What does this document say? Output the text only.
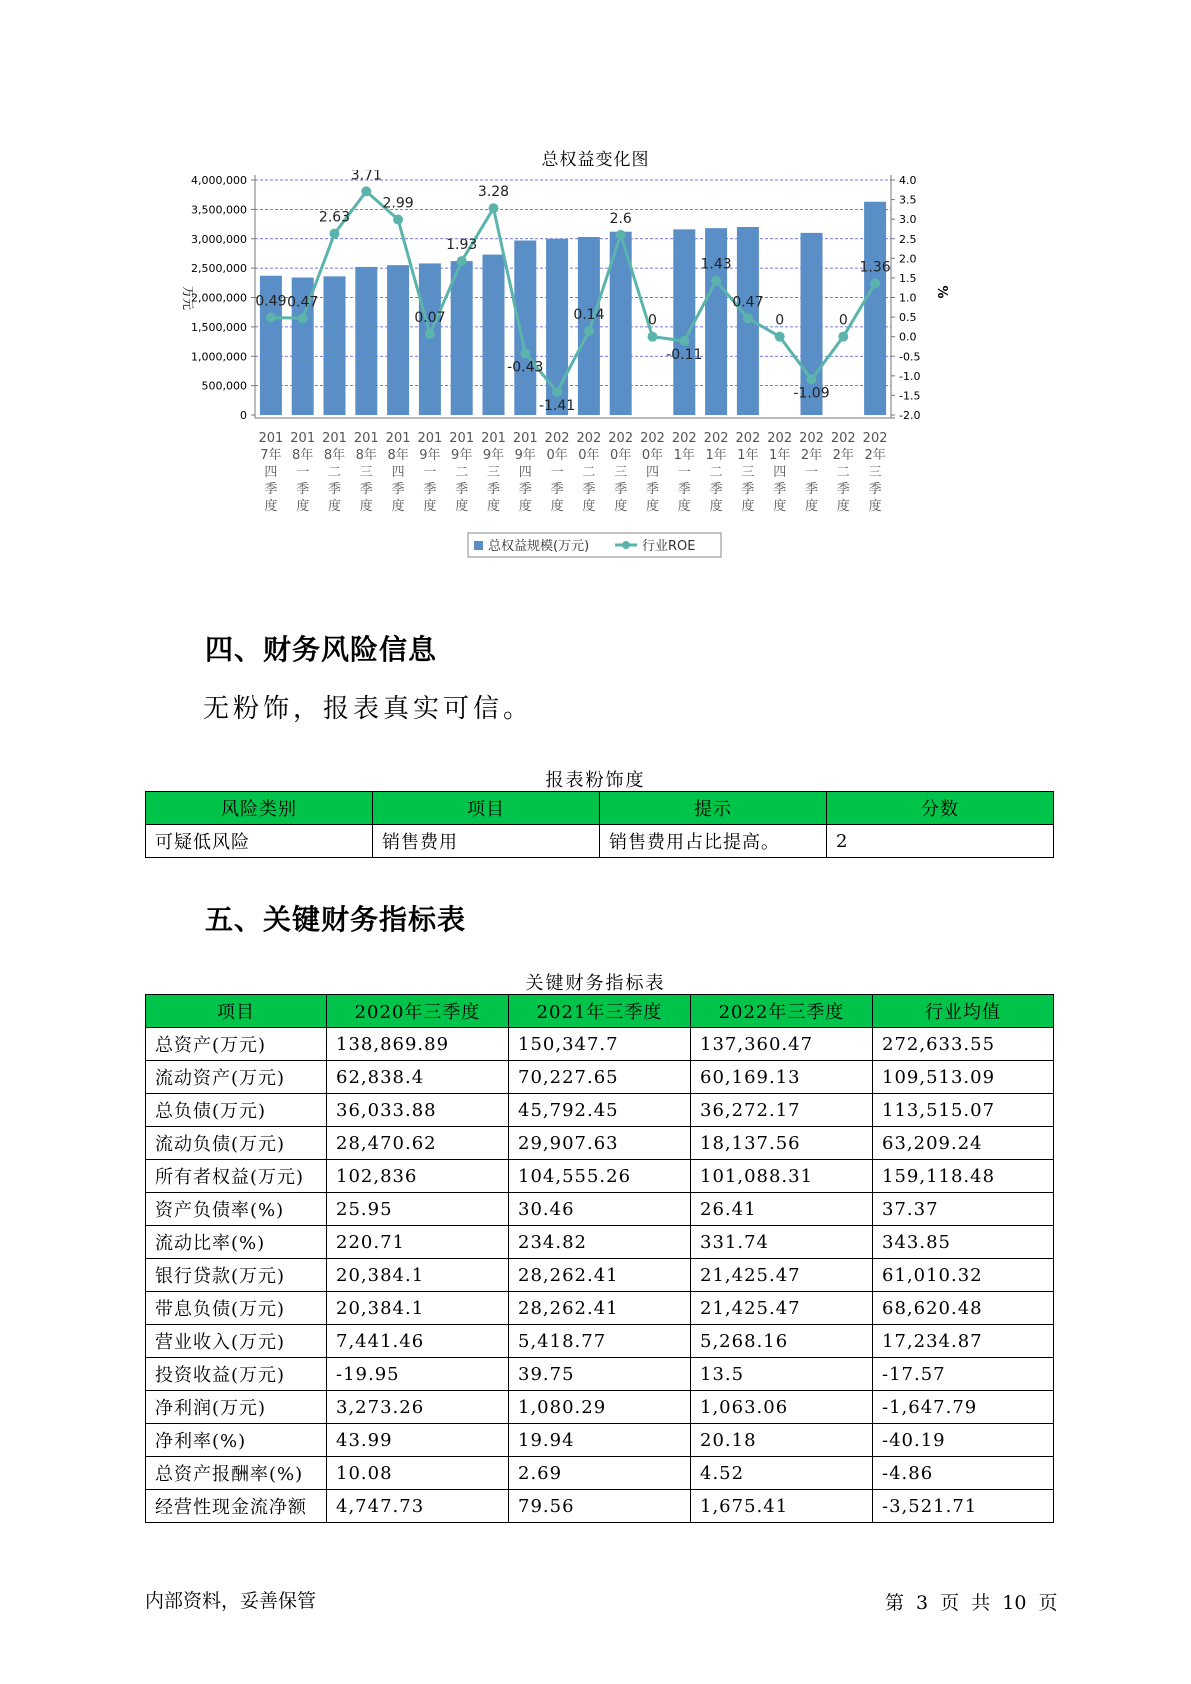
总权益变化图
0
500,000
1,000,000
1,500,000
2,000,000
2,500,000
3,000,000
3,500,000
4,000,000
-2.0
-1.5
-1.0
-0.5
0.0
0.5
1.0
1.5
2.0
2.5
3.0
3.5
4.0
万元	%
0.49 0.47
2.63
3.71
2.99
0.07
1.93
3.28
-0.43
-1.41
0.14
2.6
0
-0.11
1.43
0.47
0
-1.09
0
1.36
201
7年
四
季
度
201
8年
一
季
度
201
8年
二
季
度
201
8年
三
季
度
201
8年
四
季
度
201
9年
一
季
度
201
9年
二
季
度
201
9年
三
季
度
201
9年
四
季
度
202
0年
一
季
度
202
0年
二
季
度
202
0年
三
季
度
202
0年
四
季
度
202
1年
一
季
度
202
1年
二
季
度
202
1年
三
季
度
202
1年
四
季
度
202
2年
一
季
度
202
2年
二
季
度
202
2年
三
季
度
总权益规模(万元)	行业ROE
四、财务风险信息
无粉饰，报表真实可信。
报表粉饰度
风险类别	项目	提示	分数
可疑低风险	销售费用	销售费用占比提高。	2
五、关键财务指标表
关键财务指标表
项目	2020年三季度	2021年三季度	2022年三季度	行业均值
总资产(万元)	138,869.89	150,347.7	137,360.47	272,633.55
流动资产(万元)	62,838.4	70,227.65	60,169.13	109,513.09
总负债(万元)	36,033.88	45,792.45	36,272.17	113,515.07
流动负债(万元)	28,470.62	29,907.63	18,137.56	63,209.24
所有者权益(万元)	102,836	104,555.26	101,088.31	159,118.48
资产负债率(%)	25.95	30.46	26.41	37.37
流动比率(%)	220.71	234.82	331.74	343.85
银行贷款(万元)	20,384.1	28,262.41	21,425.47	61,010.32
带息负债(万元)	20,384.1	28,262.41	21,425.47	68,620.48
营业收入(万元)	7,441.46	5,418.77	5,268.16	17,234.87
投资收益(万元)	-19.95	39.75	13.5	-17.57
净利润(万元)	3,273.26	1,080.29	1,063.06	-1,647.79
净利率(%)	43.99	19.94	20.18	-40.19
总资产报酬率(%)	10.08	2.69	4.52	-4.86
经营性现金流净额	4,747.73	79.56	1,675.41	-3,521.71
内部资料，妥善保管	第 3 页 共 10 页
